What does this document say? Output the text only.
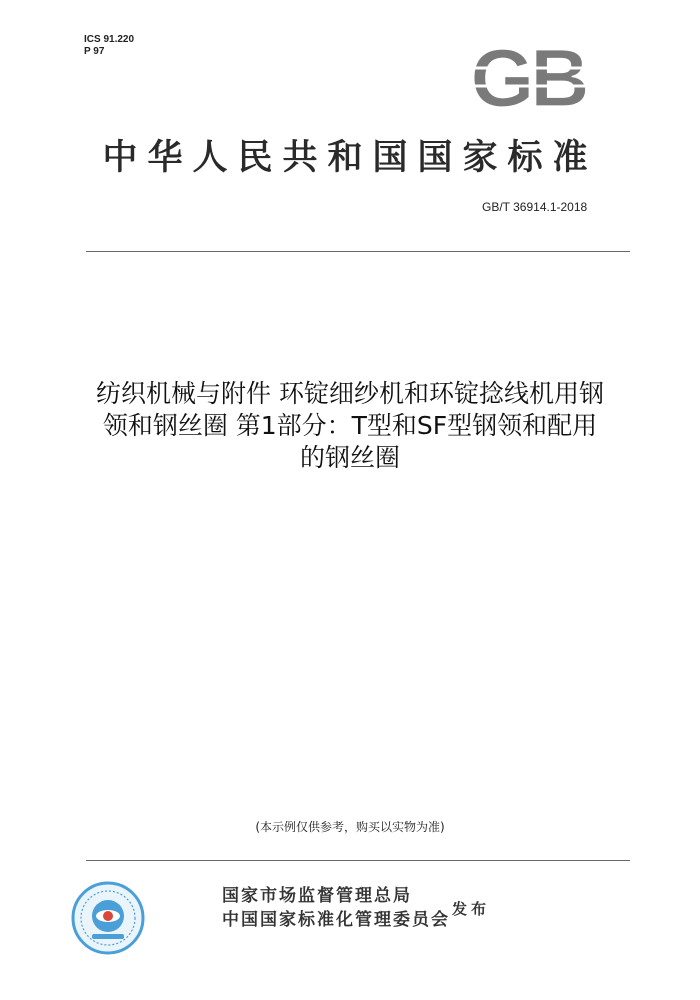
ICS 91.220
P 97	GB
中华人民共和国国家标准
GB/T 36914.1-2018
纺织机械与附件 环锭细纱机和环锭捻线机用钢
领和钢丝圈 第1部分：T型和SF型钢领和配用
的钢丝圈
(本示例仅供参考，购买以实物为准)
国家市场监督管理总局
中国国家标准化管理委员会
发布
